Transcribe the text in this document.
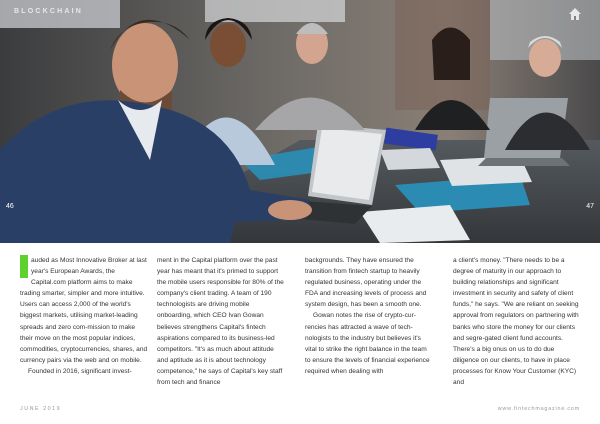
BLOCKCHAIN
46	47

auded as Most Innovative Broker at last year's European Awards, the Capital.com platform aims to make trading smarter, simpler and more intuitive. Users can access 2,000 of the world's biggest markets, utilising market-leading spreads and zero com-mission to make their move on the most popular indices, commodities, cryptocurrencies, shares, and currency pairs via the web and on mobile.

Founded in 2016, significant invest-

ment in the Capital platform over the past year has meant that it's primed to support the mobile users responsible for 80% of the company's client trading. A team of 190 technologists are driving mobile onboarding, which CEO Ivan Gowan believes strengthens Capital's fintech aspirations compared to its business-led competitors. "It's as much about attitude and aptitude as it is about technology competence," he says of Capital's key staff from tech and finance

backgrounds. They have ensured the transition from fintech startup to heavily regulated business, operating under the FDA and increasing levels of process and system design, has been a smooth one.

Gowan notes the rise of crypto-cur-rencies has attracted a wave of tech-nologists to the industry but believes it's vital to strike the right balance in the team to ensure the levels of financial experience required when dealing with

a client's money. "There needs to be a degree of maturity in our approach to building relationships and significant investment in security and safety of client funds," he says. "We are reliant on seeking approval from regulators on partnering with banks who store the money for our clients and segre-gated client fund accounts. There's a big onus on us to do due diligence on our clients, to have in place processes for Know Your Customer (KYC) and

JUNE 2019	www.fintechmagazine.com
